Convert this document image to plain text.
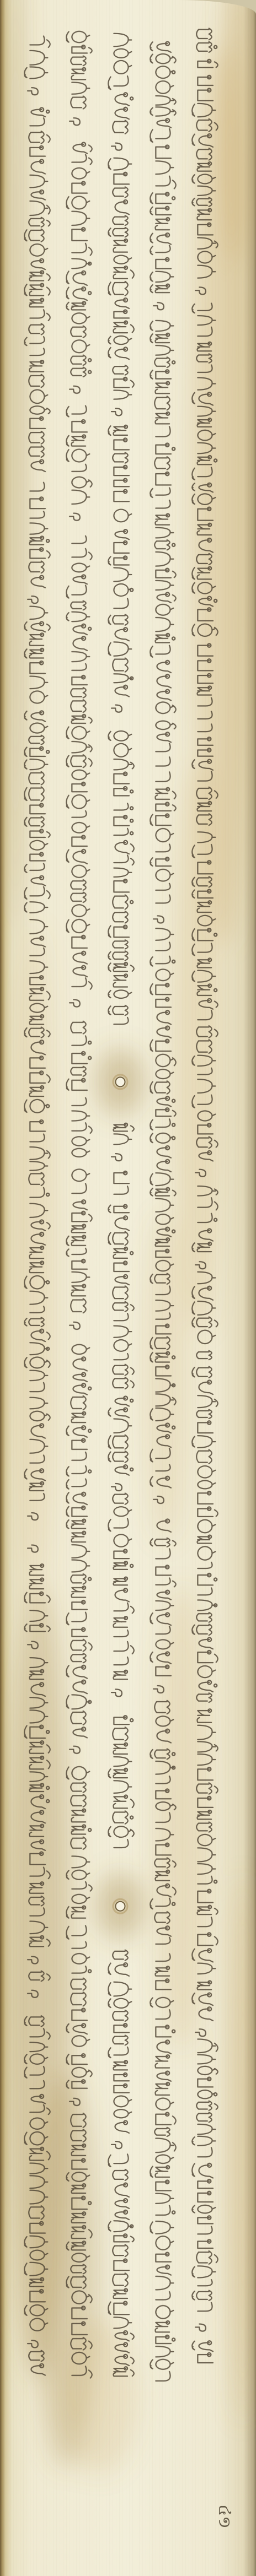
៤១
